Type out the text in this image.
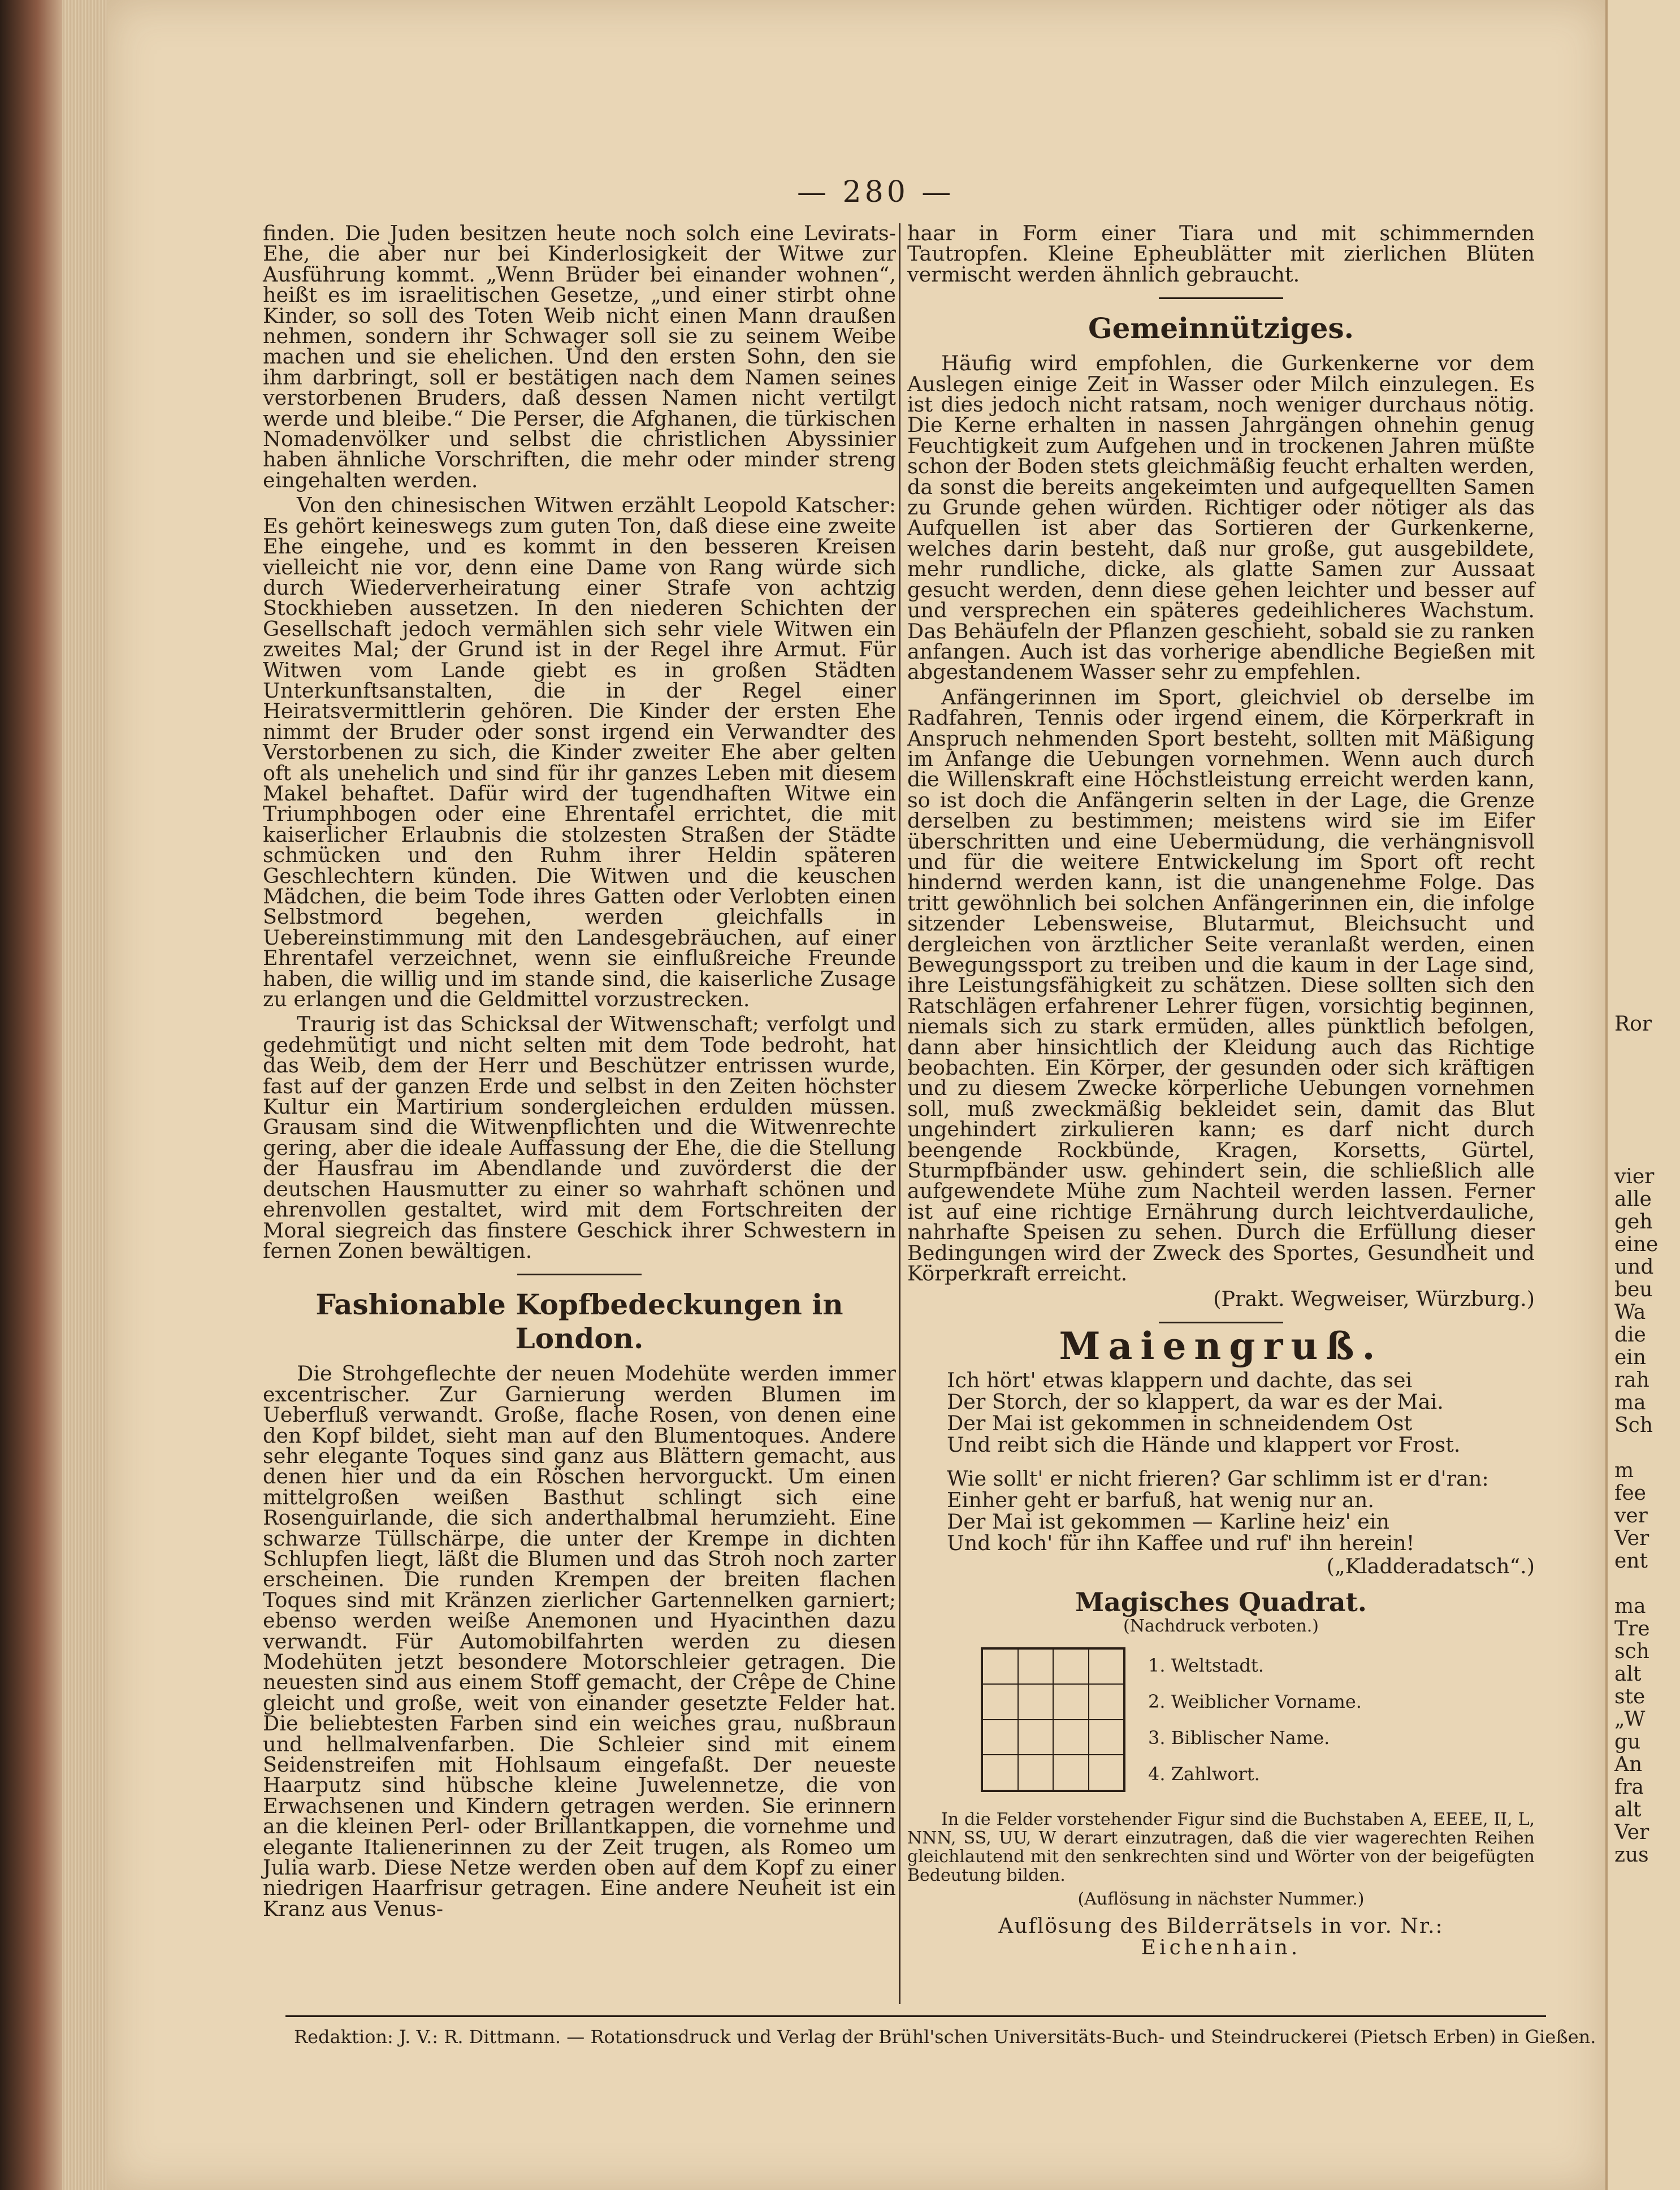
Ror
vier
alle
geh
eine
und
beu
Wa
die
ein
rah
ma
Sch
m
fee
ver
Ver
ent
ma
Tre
sch
alt
ste
„W
gu
An
fra
alt
Ver
zus
— 280 —

finden. Die Juden besitzen heute noch solch eine Levirats-Ehe, die aber nur bei Kinderlosigkeit der Witwe zur Ausführung kommt. „Wenn Brüder bei einander wohnen“, heißt es im israelitischen Gesetze, „und einer stirbt ohne Kinder, so soll des Toten Weib nicht einen Mann draußen nehmen, sondern ihr Schwager soll sie zu seinem Weibe machen und sie ehelichen. Und den ersten Sohn, den sie ihm darbringt, soll er bestätigen nach dem Namen seines verstorbenen Bruders, daß dessen Namen nicht vertilgt werde und bleibe.“ Die Perser, die Afghanen, die türkischen Nomadenvölker und selbst die christlichen Abyssinier haben ähnliche Vorschriften, die mehr oder minder streng eingehalten werden.

Von den chinesischen Witwen erzählt Leopold Katscher: Es gehört keineswegs zum guten Ton, daß diese eine zweite Ehe eingehe, und es kommt in den besseren Kreisen vielleicht nie vor, denn eine Dame von Rang würde sich durch Wiederverheiratung einer Strafe von achtzig Stockhieben aussetzen. In den niederen Schichten der Gesellschaft jedoch vermählen sich sehr viele Witwen ein zweites Mal; der Grund ist in der Regel ihre Armut. Für Witwen vom Lande giebt es in großen Städten Unterkunftsanstalten, die in der Regel einer Heiratsvermittlerin gehören. Die Kinder der ersten Ehe nimmt der Bruder oder sonst irgend ein Verwandter des Verstorbenen zu sich, die Kinder zweiter Ehe aber gelten oft als unehelich und sind für ihr ganzes Leben mit diesem Makel behaftet. Dafür wird der tugendhaften Witwe ein Triumphbogen oder eine Ehrentafel errichtet, die mit kaiserlicher Erlaubnis die stolzesten Straßen der Städte schmücken und den Ruhm ihrer Heldin späteren Geschlechtern künden. Die Witwen und die keuschen Mädchen, die beim Tode ihres Gatten oder Verlobten einen Selbstmord begehen, werden gleichfalls in Uebereinstimmung mit den Landesgebräuchen, auf einer Ehrentafel verzeichnet, wenn sie einflußreiche Freunde haben, die willig und im stande sind, die kaiserliche Zusage zu erlangen und die Geldmittel vorzustrecken.

Traurig ist das Schicksal der Witwenschaft; verfolgt und gedehmütigt und nicht selten mit dem Tode bedroht, hat das Weib, dem der Herr und Beschützer entrissen wurde, fast auf der ganzen Erde und selbst in den Zeiten höchster Kultur ein Martirium sondergleichen erdulden müssen. Grausam sind die Witwenpflichten und die Witwenrechte gering, aber die ideale Auffassung der Ehe, die die Stellung der Hausfrau im Abendlande und zuvörderst die der deutschen Hausmutter zu einer so wahrhaft schönen und ehrenvollen gestaltet, wird mit dem Fortschreiten der Moral siegreich das finstere Geschick ihrer Schwestern in fernen Zonen bewältigen.

Fashionable Kopfbedeckungen in London.

Die Strohgeflechte der neuen Modehüte werden immer excentrischer. Zur Garnierung werden Blumen im Ueberfluß verwandt. Große, flache Rosen, von denen eine den Kopf bildet, sieht man auf den Blumentoques. Andere sehr elegante Toques sind ganz aus Blättern gemacht, aus denen hier und da ein Röschen hervorguckt. Um einen mittelgroßen weißen Basthut schlingt sich eine Rosenguirlande, die sich anderthalbmal herumzieht. Eine schwarze Tüllschärpe, die unter der Krempe in dichten Schlupfen liegt, läßt die Blumen und das Stroh noch zarter erscheinen. Die runden Krempen der breiten flachen Toques sind mit Kränzen zierlicher Gartennelken garniert; ebenso werden weiße Anemonen und Hyacinthen dazu verwandt. Für Automobilfahrten werden zu diesen Modehüten jetzt besondere Motorschleier getragen. Die neuesten sind aus einem Stoff gemacht, der Crêpe de Chine gleicht und große, weit von einander gesetzte Felder hat. Die beliebtesten Farben sind ein weiches grau, nußbraun und hellmalvenfarben. Die Schleier sind mit einem Seidenstreifen mit Hohlsaum eingefaßt. Der neueste Haarputz sind hübsche kleine Juwelennetze, die von Erwachsenen und Kindern getragen werden. Sie erinnern an die kleinen Perl- oder Brillantkappen, die vornehme und elegante Italienerinnen zu der Zeit trugen, als Romeo um Julia warb. Diese Netze werden oben auf dem Kopf zu einer niedrigen Haarfrisur getragen. Eine andere Neuheit ist ein Kranz aus Venus-

haar in Form einer Tiara und mit schimmernden Tautropfen. Kleine Epheublätter mit zierlichen Blüten vermischt werden ähnlich gebraucht.

Gemeinnütziges.

Häufig wird empfohlen, die Gurkenkerne vor dem Auslegen einige Zeit in Wasser oder Milch einzulegen. Es ist dies jedoch nicht ratsam, noch weniger durchaus nötig. Die Kerne erhalten in nassen Jahrgängen ohnehin genug Feuchtigkeit zum Aufgehen und in trockenen Jahren müßte schon der Boden stets gleichmäßig feucht erhalten werden, da sonst die bereits angekeimten und aufgequellten Samen zu Grunde gehen würden. Richtiger oder nötiger als das Aufquellen ist aber das Sortieren der Gurkenkerne, welches darin besteht, daß nur große, gut ausgebildete, mehr rundliche, dicke, als glatte Samen zur Aussaat gesucht werden, denn diese gehen leichter und besser auf und versprechen ein späteres gedeihlicheres Wachstum. Das Behäufeln der Pflanzen geschieht, sobald sie zu ranken anfangen. Auch ist das vorherige abendliche Begießen mit abgestandenem Wasser sehr zu empfehlen.

Anfängerinnen im Sport, gleichviel ob derselbe im Radfahren, Tennis oder irgend einem, die Körperkraft in Anspruch nehmenden Sport besteht, sollten mit Mäßigung im Anfange die Uebungen vornehmen. Wenn auch durch die Willenskraft eine Höchstleistung erreicht werden kann, so ist doch die Anfängerin selten in der Lage, die Grenze derselben zu bestimmen; meistens wird sie im Eifer überschritten und eine Uebermüdung, die verhängnisvoll und für die weitere Entwickelung im Sport oft recht hindernd werden kann, ist die unangenehme Folge. Das tritt gewöhnlich bei solchen Anfängerinnen ein, die infolge sitzender Lebensweise, Blutarmut, Bleichsucht und dergleichen von ärztlicher Seite veranlaßt werden, einen Bewegungssport zu treiben und die kaum in der Lage sind, ihre Leistungsfähigkeit zu schätzen. Diese sollten sich den Ratschlägen erfahrener Lehrer fügen, vorsichtig beginnen, niemals sich zu stark ermüden, alles pünktlich befolgen, dann aber hinsichtlich der Kleidung auch das Richtige beobachten. Ein Körper, der gesunden oder sich kräftigen und zu diesem Zwecke körperliche Uebungen vornehmen soll, muß zweckmäßig bekleidet sein, damit das Blut ungehindert zirkulieren kann; es darf nicht durch beengende Rockbünde, Kragen, Korsetts, Gürtel, Sturmpfbänder usw. gehindert sein, die schließlich alle aufgewendete Mühe zum Nachteil werden lassen. Ferner ist auf eine richtige Ernährung durch leichtverdauliche, nahrhafte Speisen zu sehen. Durch die Erfüllung dieser Bedingungen wird der Zweck des Sportes, Gesundheit und Körperkraft erreicht.

(Prakt. Wegweiser, Würzburg.)
Maiengruß.

Ich hört' etwas klappern und dachte, das sei

Der Storch, der so klappert, da war es der Mai.

Der Mai ist gekommen in schneidendem Ost

Und reibt sich die Hände und klappert vor Frost.

Wie sollt' er nicht frieren? Gar schlimm ist er d'ran:

Einher geht er barfuß, hat wenig nur an.

Der Mai ist gekommen — Karline heiz' ein

Und koch' für ihn Kaffee und ruf' ihn herein!

(„Kladderadatsch“.)
Magisches Quadrat.
(Nachdruck verboten.)
1. Weltstadt.
2. Weiblicher Vorname.
3. Biblischer Name.
4. Zahlwort.

In die Felder vorstehender Figur sind die Buchstaben A, EEEE, II, L, NNN, SS, UU, W derart einzutragen, daß die vier wagerechten Reihen gleichlautend mit den senkrechten sind und Wörter von der beigefügten Bedeutung bilden.

(Auflösung in nächster Nummer.)
Auflösung des Bilderrätsels in vor. Nr.:
Eichenhain.
Redaktion: J. V.: R. Dittmann. — Rotationsdruck und Verlag der Brühl'schen Universitäts-Buch- und Steindruckerei (Pietsch Erben) in Gießen.
